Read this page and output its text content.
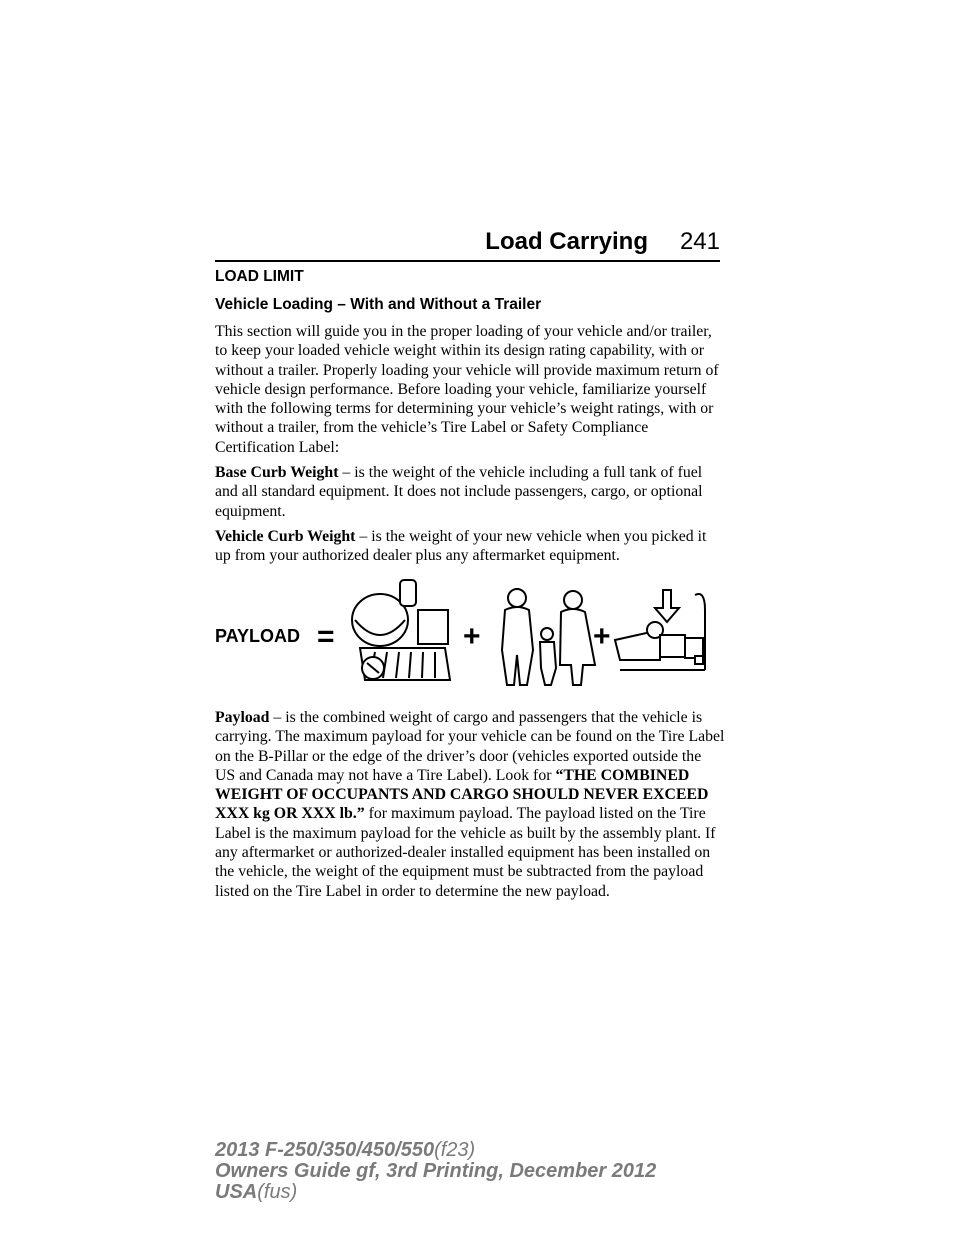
Load Carrying 241
LOAD LIMIT
Vehicle Loading – With and Without a Trailer

This section will guide you in the proper loading of your vehicle and/or trailer, to keep your loaded vehicle weight within its design rating capability, with or without a trailer. Properly loading your vehicle will provide maximum return of vehicle design performance. Before loading your vehicle, familiarize yourself with the following terms for determining your vehicle’s weight ratings, with or without a trailer, from the vehicle’s Tire Label or Safety Compliance Certification Label:

Base Curb Weight – is the weight of the vehicle including a full tank of fuel and all standard equipment. It does not include passengers, cargo, or optional equipment.

Vehicle Curb Weight – is the weight of your new vehicle when you picked it up from your authorized dealer plus any aftermarket equipment.

PAYLOAD =	+	+

Payload – is the combined weight of cargo and passengers that the vehicle is carrying. The maximum payload for your vehicle can be found on the Tire Label on the B-Pillar or the edge of the driver’s door (vehicles exported outside the US and Canada may not have a Tire Label). Look for “THE COMBINED WEIGHT OF OCCUPANTS AND CARGO SHOULD NEVER EXCEED XXX kg OR XXX lb.” for maximum payload. The payload listed on the Tire Label is the maximum payload for the vehicle as built by the assembly plant. If any aftermarket or authorized-dealer installed equipment has been installed on the vehicle, the weight of the equipment must be subtracted from the payload listed on the Tire Label in order to determine the new payload.

2013 F-250/350/450/550(f23)
Owners Guide gf, 3rd Printing, December 2012
USA(fus)
